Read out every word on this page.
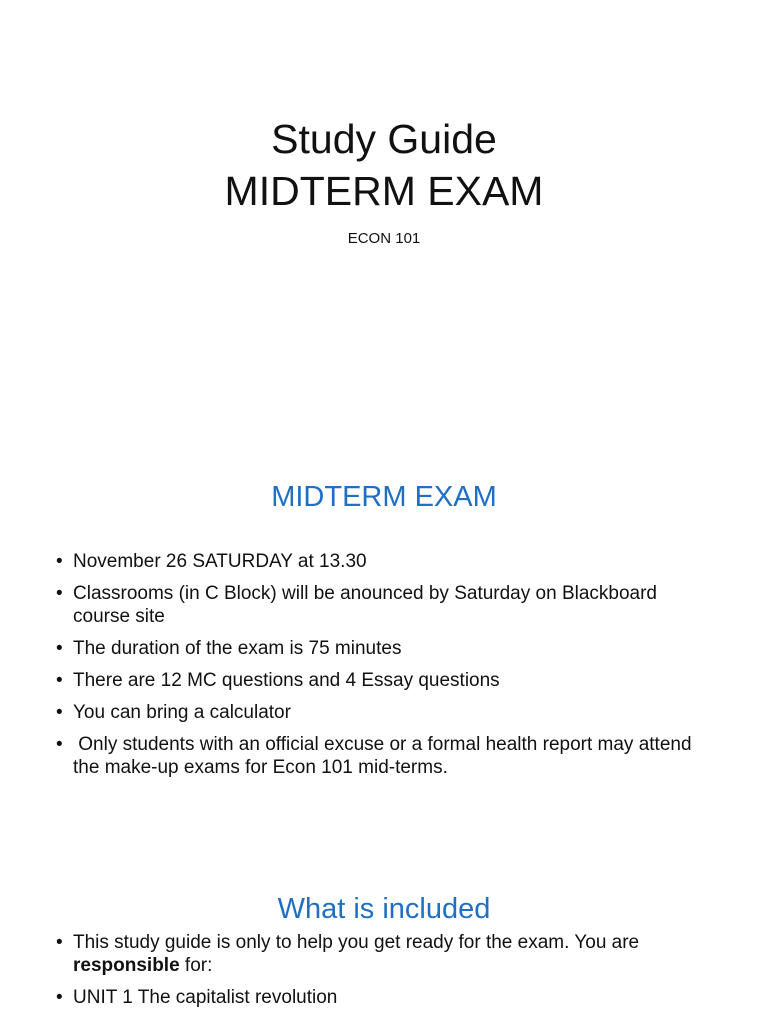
Study Guide
MIDTERM EXAM
ECON 101
MIDTERM EXAM
• November 26 SATURDAY at 13.30
• Classrooms (in C Block) will be anounced by Saturday on Blackboard course site
• The duration of the exam is 75 minutes
• There are 12 MC questions and 4 Essay questions
• You can bring a calculator
• Only students with an official excuse or a formal health report may attend the make-up exams for Econ 101 mid-terms.
What is included
• This study guide is only to help you get ready for the exam. You are responsible for:
• UNIT 1 The capitalist revolution
